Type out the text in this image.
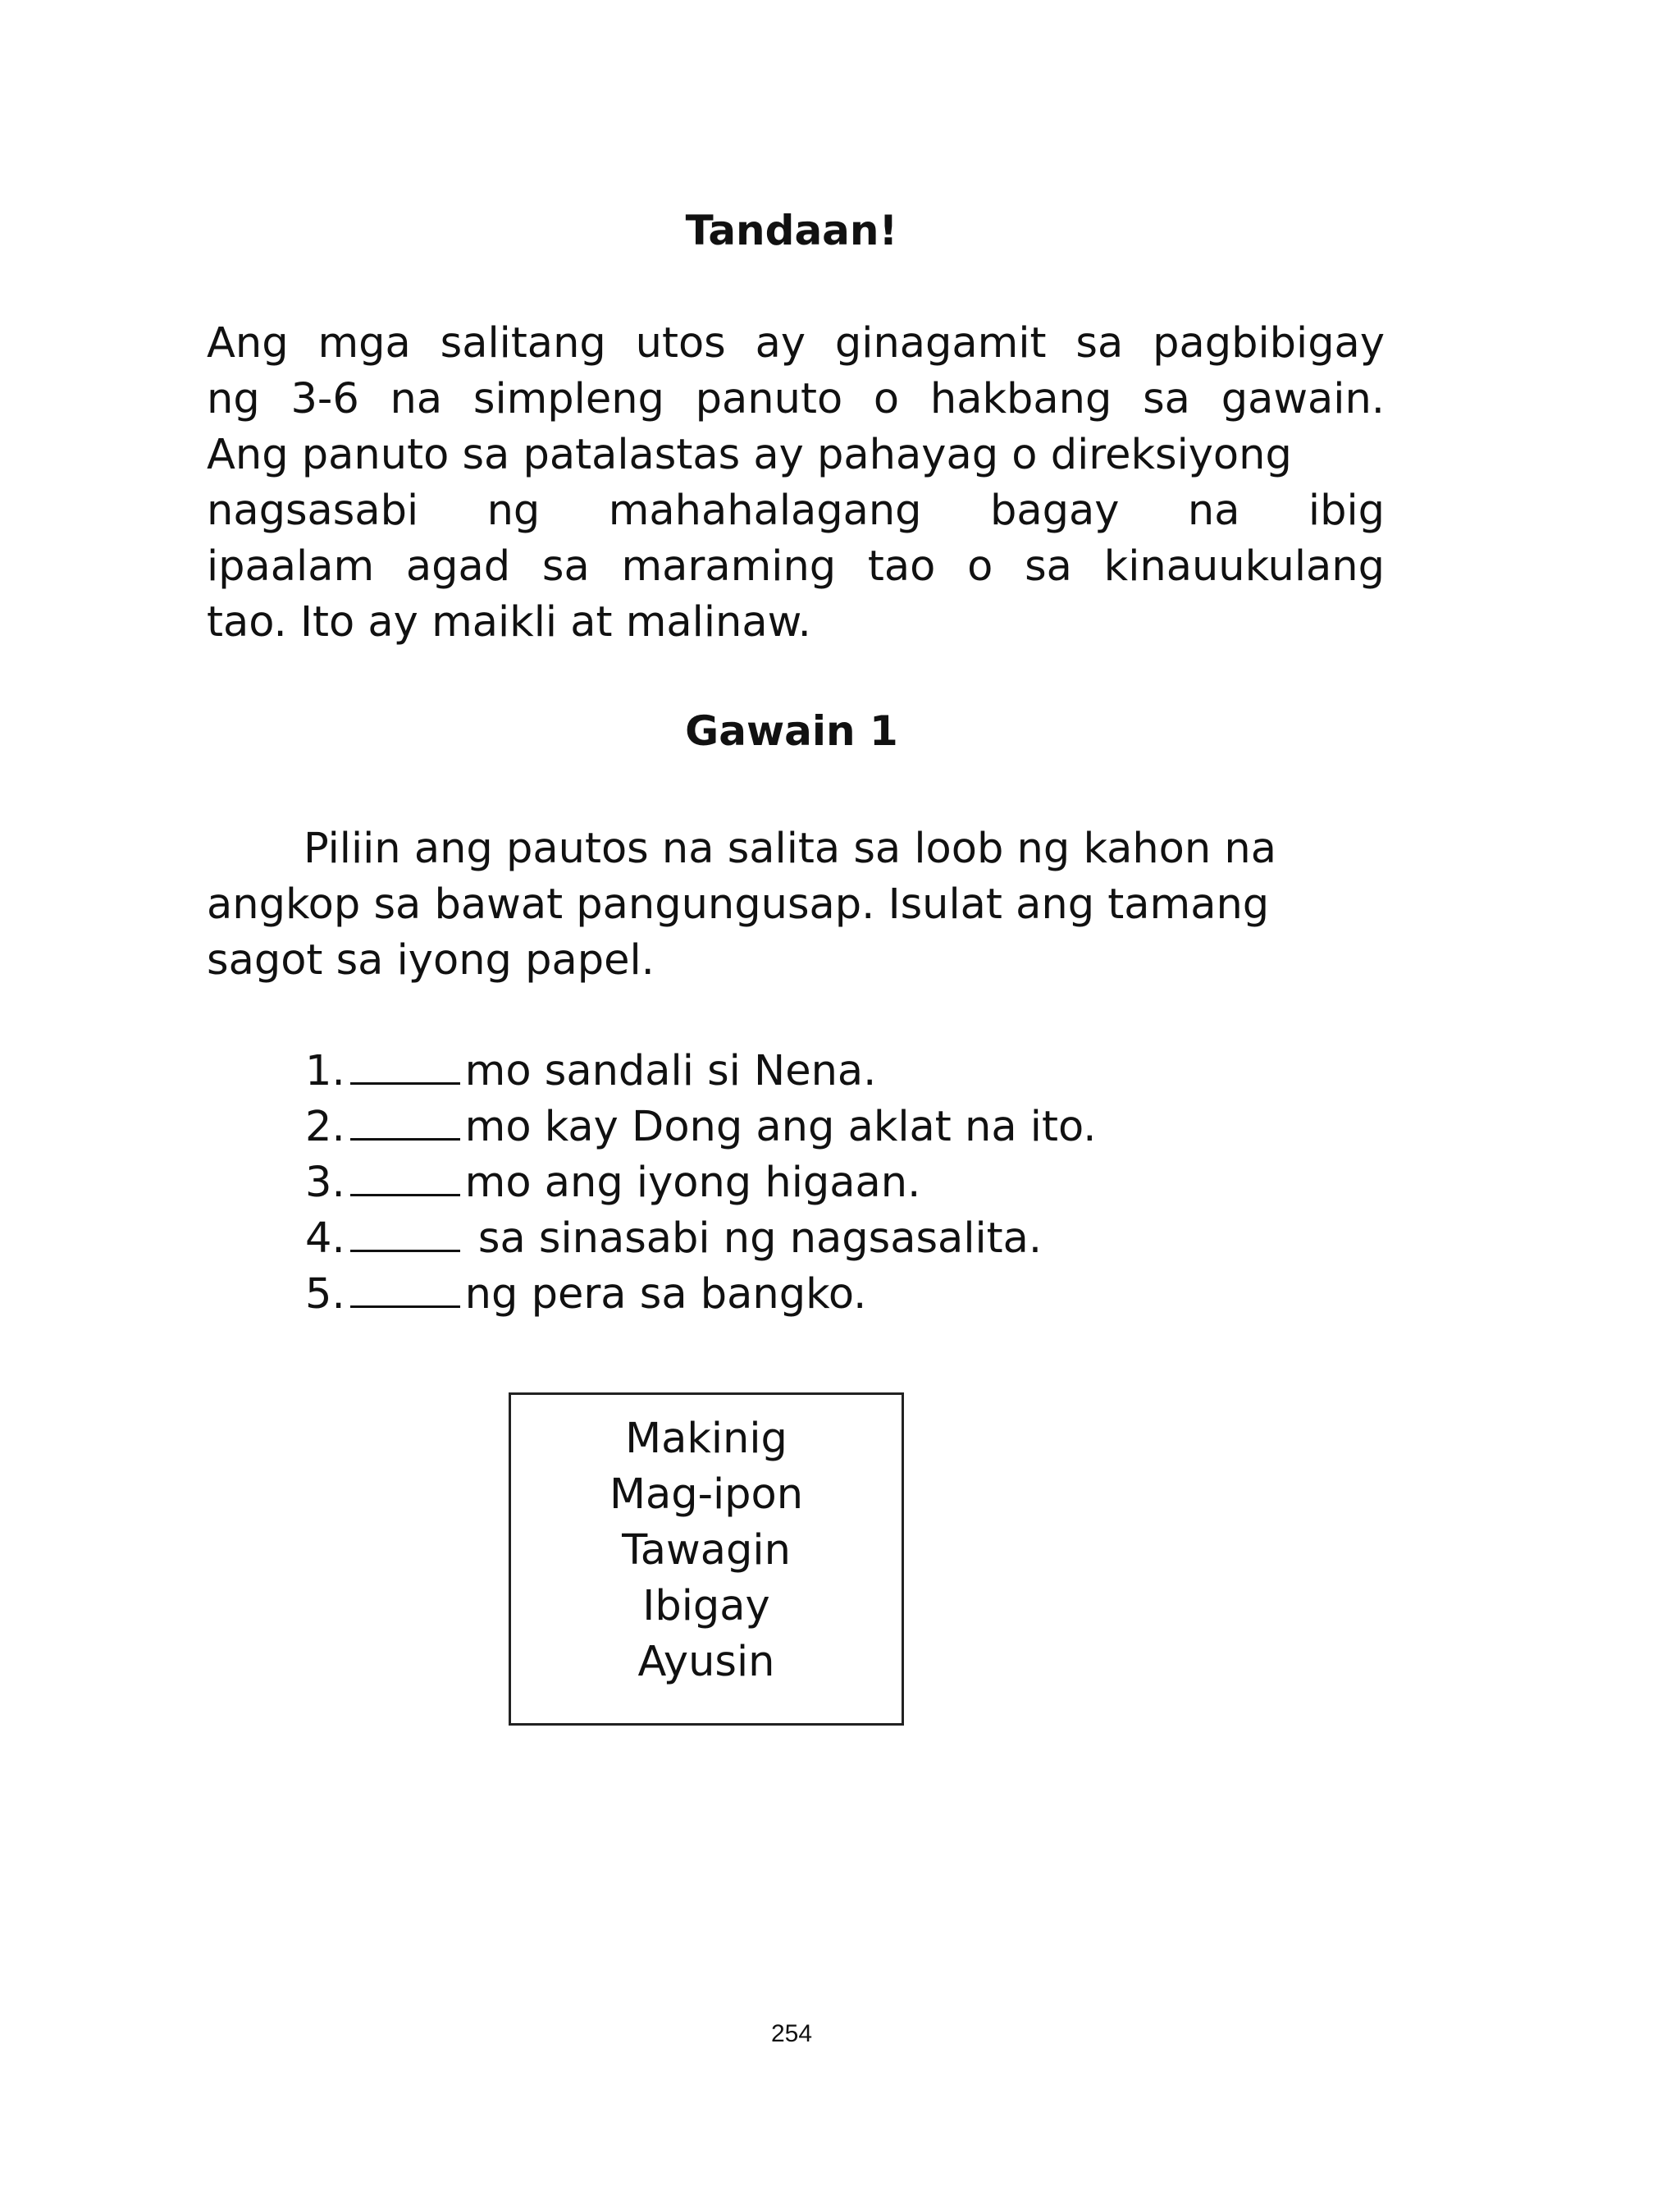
Tandaan!
Ang mga salitang utos ay ginagamit sa pagbibigay
ng 3-6 na simpleng panuto o hakbang sa gawain.
Ang panuto sa patalastas ay pahayag o direksiyong
nagsasabi ng mahahalagang bagay na ibig
ipaalam agad sa maraming tao o sa kinauukulang
tao. Ito ay maikli at malinaw.
Gawain 1
Piliin ang pautos na salita sa loob ng kahon na
angkop sa bawat pangungusap. Isulat ang tamang
sagot sa iyong papel.
1.	mo sandali si Nena.
2.	mo kay Dong ang aklat na ito.
3.	mo ang iyong higaan.
4.	sa sinasabi ng nagsasalita.
5.	ng pera sa bangko.
Makinig
Mag-ipon
Tawagin
Ibigay
Ayusin
254
